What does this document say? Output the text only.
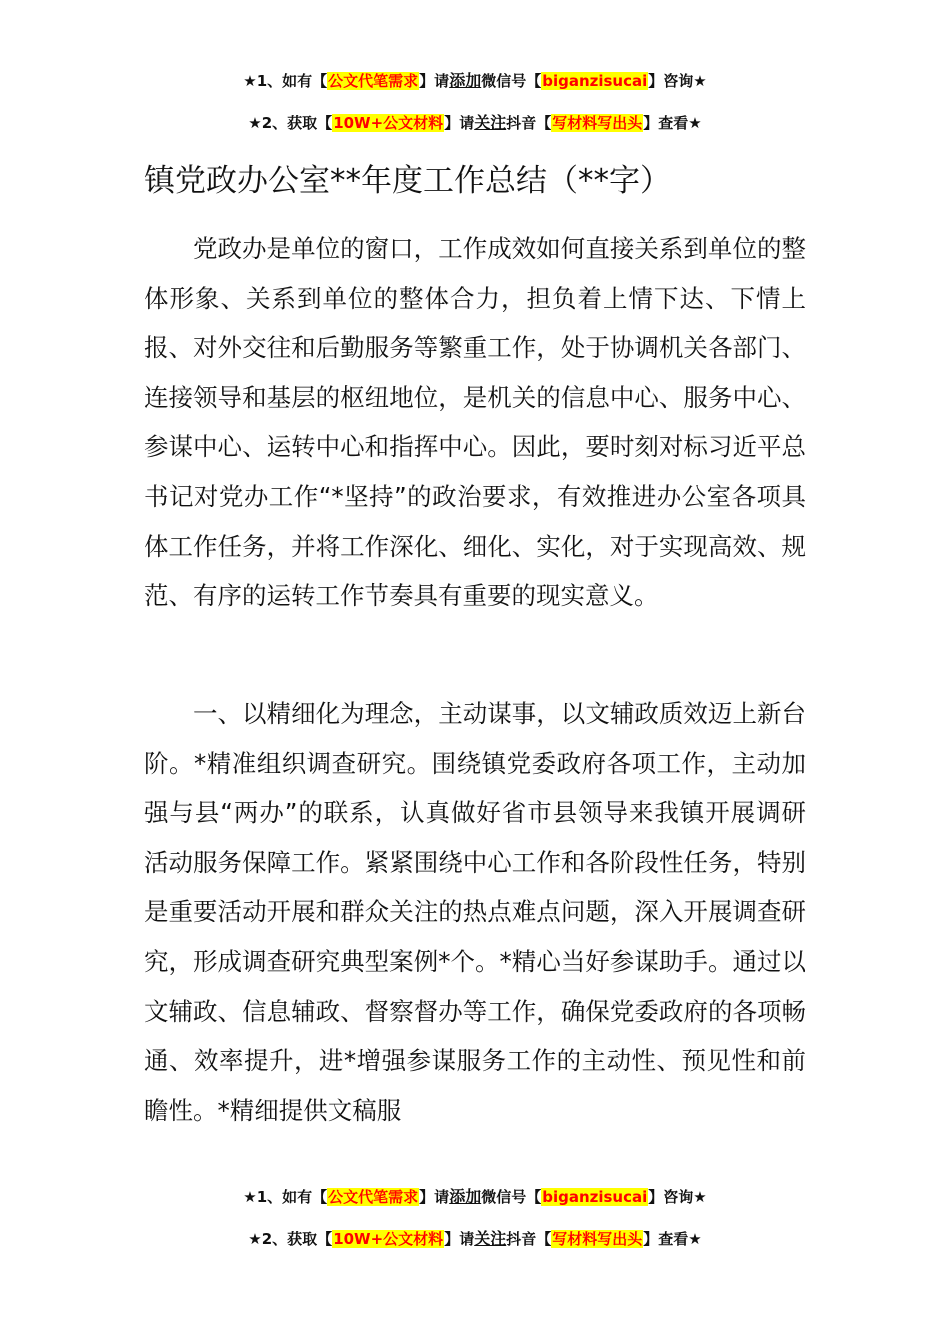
★1、如有【公文代笔需求】请添加微信号【biganzisucai】咨询★
★2、获取【10W+公文材料】请关注抖音【写材料写出头】查看★
镇党政办公室**年度工作总结（**字）

党政办是单位的窗口，工作成效如何直接关系到单位的整体形象、关系到单位的整体合力，担负着上情下达、下情上报、对外交往和后勤服务等繁重工作，处于协调机关各部门、连接领导和基层的枢纽地位，是机关的信息中心、服务中心、参谋中心、运转中心和指挥中心。因此，要时刻对标习近平总书记对党办工作“*坚持”的政治要求，有效推进办公室各项具体工作任务，并将工作深化、细化、实化，对于实现高效、规范、有序的运转工作节奏具有重要的现实意义。

一、以精细化为理念，主动谋事，以文辅政质效迈上新台阶。*精准组织调查研究。围绕镇党委政府各项工作，主动加强与县“两办”的联系，认真做好省市县领导来我镇开展调研活动服务保障工作。紧紧围绕中心工作和各阶段性任务，特别是重要活动开展和群众关注的热点难点问题，深入开展调查研究，形成调查研究典型案例*个。*精心当好参谋助手。通过以文辅政、信息辅政、督察督办等工作，确保党委政府的各项畅通、效率提升，进*增强参谋服务工作的主动性、预见性和前瞻性。*精细提供文稿服

★1、如有【公文代笔需求】请添加微信号【biganzisucai】咨询★
★2、获取【10W+公文材料】请关注抖音【写材料写出头】查看★
